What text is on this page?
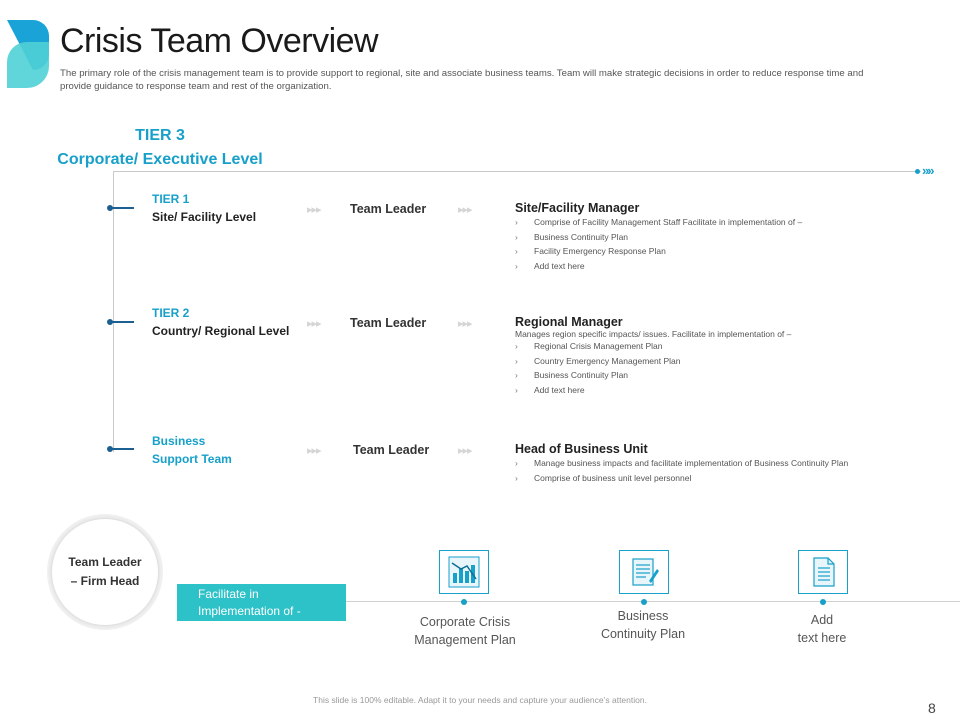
Crisis Team Overview
The primary role of the crisis management team is to provide support to regional, site and associate business teams. Team will make strategic decisions in order to reduce response time and provide guidance to response team and rest of the organization.
TIER 3
Corporate/ Executive Level
»»
TIER 1
Site/ Facility Level	▸▸▸ Team Leader	▸▸▸	Site/Facility Manager
› Comprise of Facility Management Staff Facilitate in implementation of –
› Business Continuity Plan
› Facility Emergency Response Plan
› Add text here
TIER 2
Country/ Regional Level ▸▸▸ Team Leader	▸▸▸	Regional Manager
Manages region specific impacts/ issues. Facilitate in implementation of –
› Regional Crisis Management Plan
› Country Emergency Management Plan
› Business Continuity Plan
› Add text here
Business
Support Team
▸▸▸	Team Leader	▸▸▸	Head of Business Unit
› Manage business impacts and facilitate implementation of Business Continuity Plan
› Comprise of business unit level personnel
Team Leader
– Firm Head
Facilitate in
Implementation of -
Corporate Crisis
Management Plan
Business
Continuity Plan
Add
text here
This slide is 100% editable. Adapt it to your needs and capture your audience’s attention.	8
